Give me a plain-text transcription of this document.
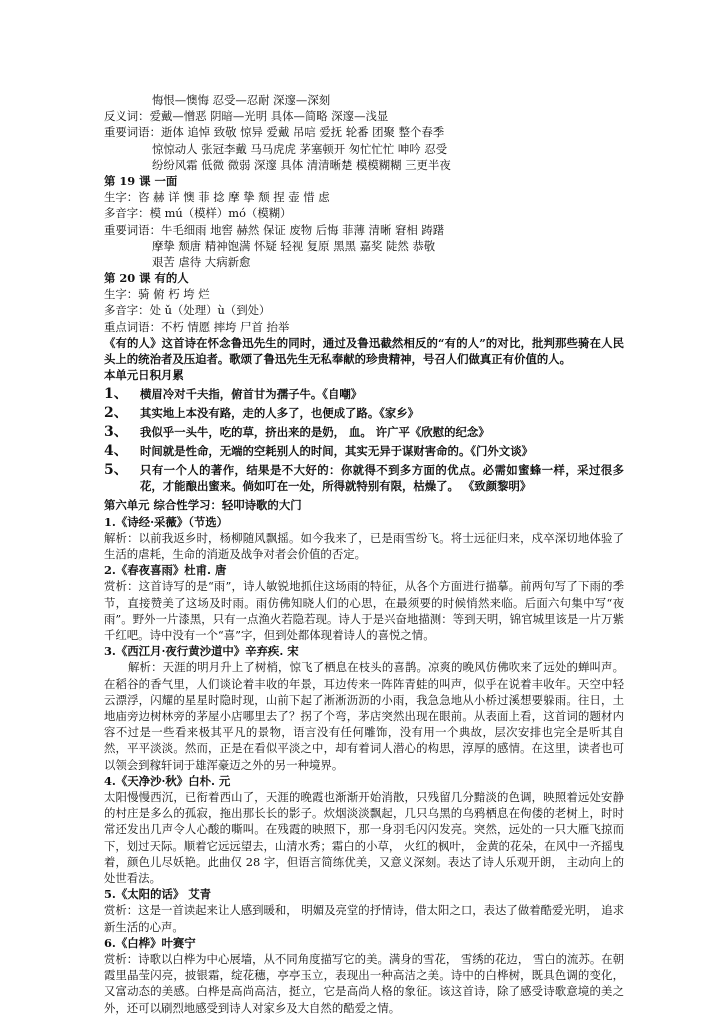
悔恨—懊悔 忍受—忍耐 深邃—深刻
反义词：爱戴—憎恶 阴暗—光明 具体—简略 深邃—浅显
重要词语：逝体 追悼 致敬 惊异 爱戴 吊唁 爱抚 轮番 团聚 整个春季
惊惊动人 张冠李戴 马马虎虎 茅塞顿开 匆忙忙忙 呻吟 忍受
纷纷风霜 低微 微弱 深邃 具体 清清晰楚 模模糊糊 三更半夜
第 19 课 一面
生字：咨 赫 详 懊 菲 捻 摩 挚 颓 捏 壶 惜 虑
多音字：模 mú（模样）mó（模糊）
重要词语：牛毛细雨 地窖 赫然 保证 废物 后悔 菲薄 清晰 窘相 踌躇
摩挚 颓唐 精神饱满 怀疑 轻视 复原 黑黑 嘉奖 陡然 恭敬
艰苦 虐待 大病新愈
第 20 课 有的人
生字：骑 俯 朽 垮 烂
多音字：处 ǔ（处理）ù（到处）
重点词语：不朽 情愿 摔垮 尸首 抬举
《有的人》这首诗在怀念鲁迅先生的同时，通过及鲁迅截然相反的“有的人”的对比，批判那些骑在人民头上的统治者及压迫者。歌颂了鲁迅先生无私奉献的珍贵精神，号召人们做真正有价值的人。
本单元日积月累
1、	横眉冷对千夫指，俯首甘为孺子牛。《自嘲》
2、	其实地上本没有路，走的人多了，也便成了路。《家乡》
3、	我似乎一头牛，吃的草，挤出来的是奶， 血。 许广平《欣慰的纪念》
4、	时间就是性命，无端的空耗别人的时间，其实无异于谋财害命的。《门外文谈》
5、	只有一个人的著作，结果是不大好的：你就得不到多方面的优点。必需如蜜蜂一样，采过很多花，才能酿出蜜来。倘如叮在一处，所得就特别有限，枯燥了。 《致颜黎明》
第六单元 综合性学习：轻叩诗歌的大门
1.《诗经·采薇》（节选）
解析：以前我返乡时，杨柳随风飘摇。如今我来了，已是雨雪纷飞。将士远征归来，戍卒深切地体验了生活的虐耗，生命的消逝及战争对者会价值的否定。
2.《春夜喜雨》杜甫. 唐
赏析：这首诗写的是“雨”，诗人敏锐地抓住这场雨的特征，从各个方面进行描摹。前两句写了下雨的季节，直接赞美了这场及时雨。雨仿佛知晓人们的心思，在最须要的时候悄然来临。后面六句集中写“夜雨”。野外一片漆黑，只有一点渔火若隐若现。诗人于是兴奋地描测：等到天明，锦官城里该是一片万紫千红吧。诗中没有一个“喜”字，但到处都体现着诗人的喜悦之情。
3.《西江月·夜行黄沙道中》辛弃疾. 宋
解析：天涯的明月升上了树梢，惊飞了栖息在枝头的喜鹊。凉爽的晚风仿佛吹来了远处的蝉叫声。在稻谷的香气里，人们谈论着丰收的年景，耳边传来一阵阵青蛙的叫声，似乎在说着丰收年。天空中轻云漂浮，闪耀的星星时隐时现，山前下起了淅淅沥沥的小雨，我急急地从小桥过溪想要躲雨。往日，土地庙旁边树林旁的茅屋小店哪里去了？拐了个弯，茅店突然出现在眼前。从表面上看，这首词的题材内容不过是一些看来极其平凡的景物，语言没有任何雕饰，没有用一个典故，层次安排也完全是听其自然，平平淡淡。然而，正是在看似平淡之中，却有着词人潜心的构思，淳厚的感情。在这里，读者也可以领会到稼轩词于雄浑豪迈之外的另一种境界。
4.《天净沙·秋》白朴. 元
太阳慢慢西沉，已衔着西山了，天涯的晚霞也渐渐开始消散，只残留几分黯淡的色调，映照着远处安静的村庄是多么的孤寂，拖出那长长的影子。炊烟淡淡飘起，几只乌黑的乌鸦栖息在佝偻的老树上，时时常还发出几声令人心酸的嘶叫。在残霞的映照下，那一身羽毛闪闪发亮。突然，远处的一只大雁飞掠而下，划过天际。顺着它远远望去，山清水秀；霜白的小草， 火红的枫叶， 金黄的花朵，在风中一齐摇曳着，颜色儿尽妖艳。此曲仅 28 字，但语言简练优美，又意义深刻。表达了诗人乐观开朗， 主动向上的处世看法。
5.《太阳的话》 艾青
赏析：这是一首读起来让人感到暖和， 明媚及亮堂的抒情诗，借太阳之口，表达了做着酷爱光明， 追求新生活的心声。
6.《白桦》叶赛宁
赏析：诗歌以白桦为中心展墙，从不同角度描写它的美。满身的雪花， 雪绣的花边， 雪白的流苏。在朝霞里晶莹闪亮，披银霜，绽花穗，亭亭玉立，表现出一种高洁之美。诗中的白桦树，既具色调的变化，又富动态的美感。白桦是高尚高洁，挺立，它是高尚人格的象征。该这首诗，除了感受诗歌意境的美之外，还可以刷烈地感受到诗人对家乡及大自然的酷爱之情。
